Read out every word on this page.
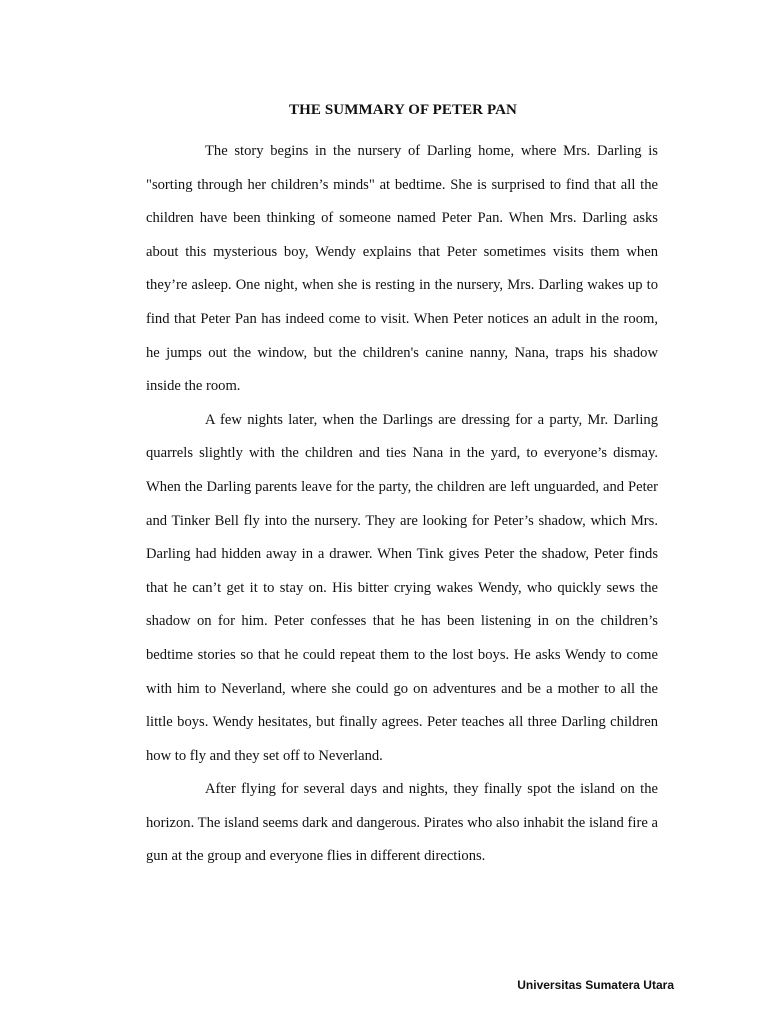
THE SUMMARY OF PETER PAN

The story begins in the nursery of Darling home, where Mrs. Darling is "sorting through her children’s minds" at bedtime. She is surprised to find that all the children have been thinking of someone named Peter Pan. When Mrs. Darling asks about this mysterious boy, Wendy explains that Peter sometimes visits them when they’re asleep. One night, when she is resting in the nursery, Mrs. Darling wakes up to find that Peter Pan has indeed come to visit. When Peter notices an adult in the room, he jumps out the window, but the children's canine nanny, Nana, traps his shadow inside the room.

A few nights later, when the Darlings are dressing for a party, Mr. Darling quarrels slightly with the children and ties Nana in the yard, to everyone’s dismay. When the Darling parents leave for the party, the children are left unguarded, and Peter and Tinker Bell fly into the nursery. They are looking for Peter’s shadow, which Mrs. Darling had hidden away in a drawer. When Tink gives Peter the shadow, Peter finds that he can’t get it to stay on. His bitter crying wakes Wendy, who quickly sews the shadow on for him. Peter confesses that he has been listening in on the children’s bedtime stories so that he could repeat them to the lost boys. He asks Wendy to come with him to Neverland, where she could go on adventures and be a mother to all the little boys. Wendy hesitates, but finally agrees. Peter teaches all three Darling children how to fly and they set off to Neverland.

After flying for several days and nights, they finally spot the island on the horizon. The island seems dark and dangerous. Pirates who also inhabit the island fire a gun at the group and everyone flies in different directions.

Universitas Sumatera Utara
